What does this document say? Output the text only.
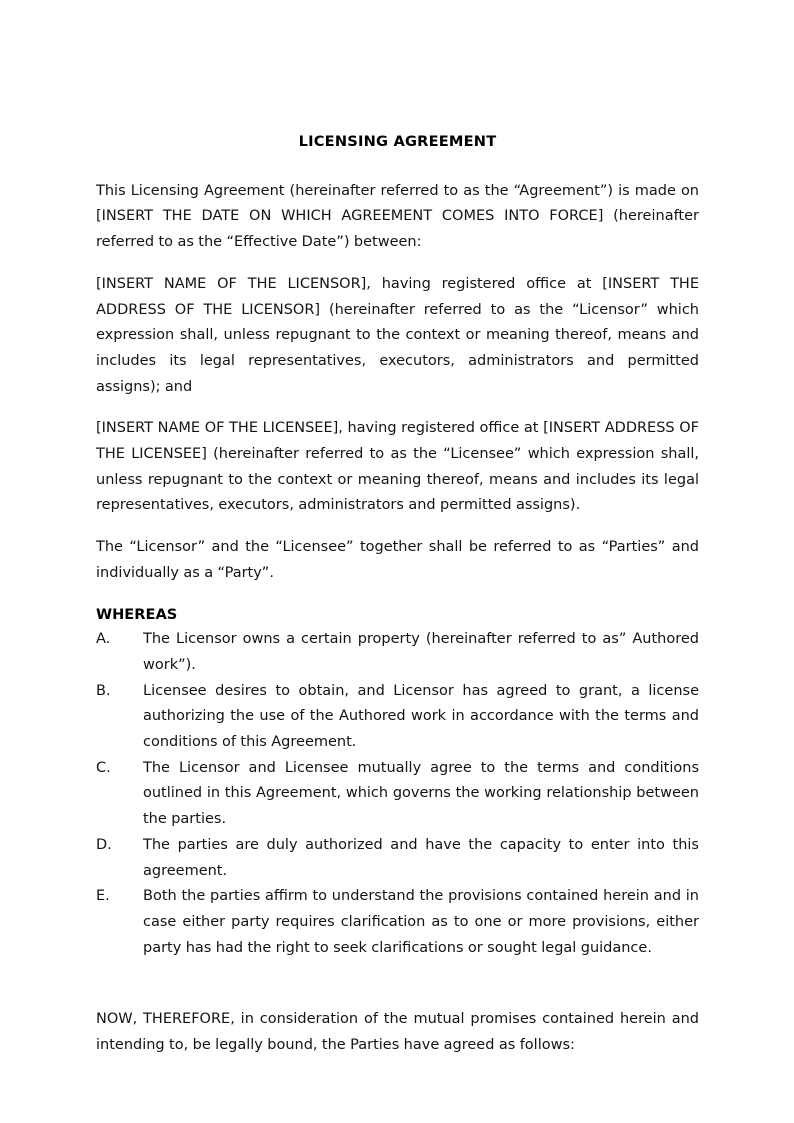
LICENSING AGREEMENT

This Licensing Agreement (hereinafter referred to as the “Agreement”) is made on [INSERT THE DATE ON WHICH AGREEMENT COMES INTO FORCE] (hereinafter referred to as the “Effective Date”) between:

[INSERT NAME OF THE LICENSOR], having registered office at [INSERT THE ADDRESS OF THE LICENSOR] (hereinafter referred to as the “Licensor” which expression shall, unless repugnant to the context or meaning thereof, means and includes its legal representatives, executors, administrators and permitted assigns); and

[INSERT NAME OF THE LICENSEE], having registered office at [INSERT ADDRESS OF THE LICENSEE] (hereinafter referred to as the “Licensee” which expression shall, unless repugnant to the context or meaning thereof, means and includes its legal representatives, executors, administrators and permitted assigns).

The “Licensor” and the “Licensee” together shall be referred to as “Parties” and individually as a “Party”.

WHEREAS
A.	The Licensor owns a certain property (hereinafter referred to as” Authored work”).
B.	Licensee desires to obtain, and Licensor has agreed to grant, a license authorizing the use of the Authored work in accordance with the terms and conditions of this Agreement.
C.	The Licensor and Licensee mutually agree to the terms and conditions outlined in this Agreement, which governs the working relationship between the parties.
D.	The parties are duly authorized and have the capacity to enter into this agreement.
E.	Both the parties affirm to understand the provisions contained herein and in case either party requires clarification as to one or more provisions, either party has had the right to seek clarifications or sought legal guidance.

NOW, THEREFORE, in consideration of the mutual promises contained herein and intending to, be legally bound, the Parties have agreed as follows:
